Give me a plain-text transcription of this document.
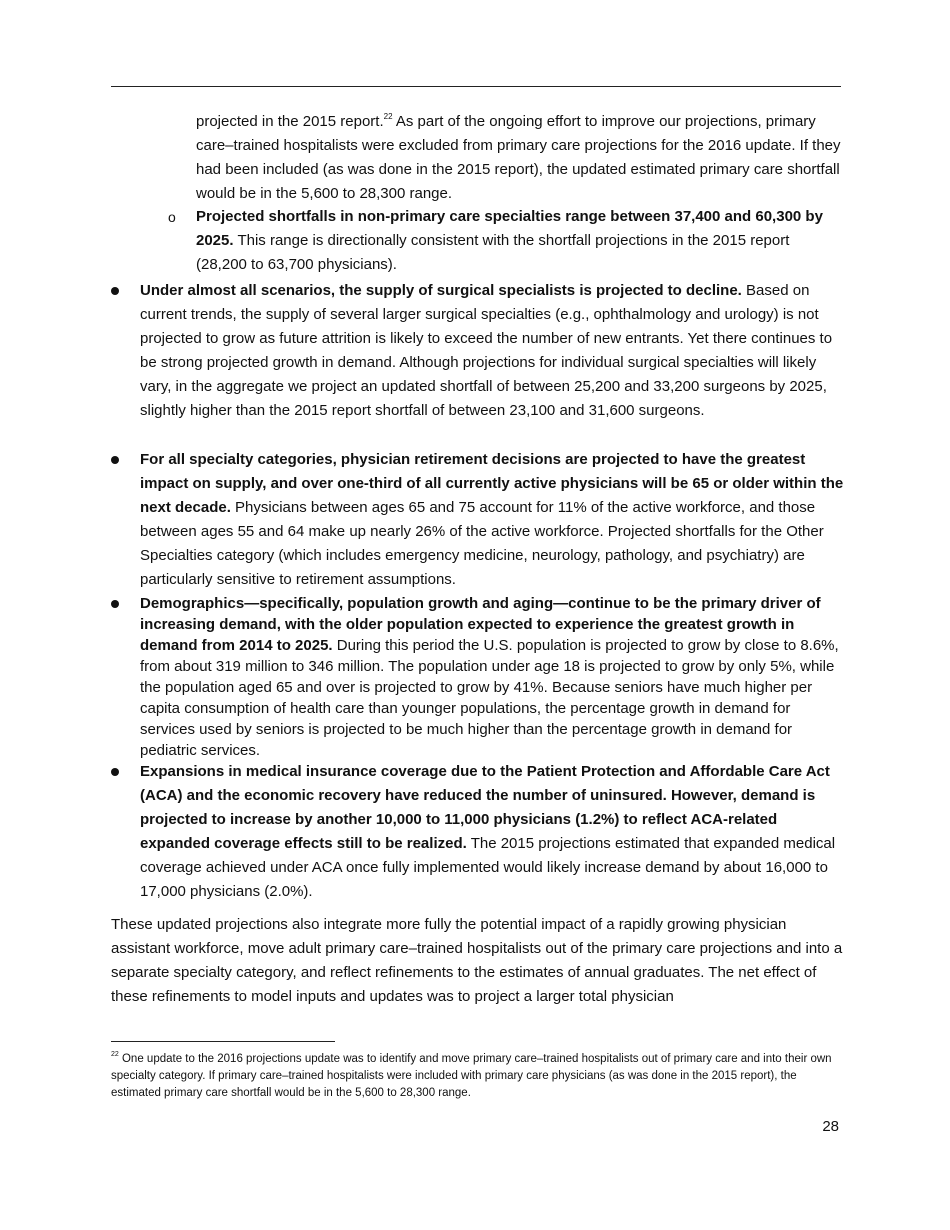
projected in the 2015 report.$^{22}$ As part of the ongoing effort to improve our projections, primary care–trained hospitalists were excluded from primary care projections for the 2016 update. If they had been included (as was done in the 2015 report), the updated estimated primary care shortfall would be in the 5,600 to 28,300 range.

o Projected shortfalls in non-primary care specialties range between 37,400 and 60,300 by 2025. This range is directionally consistent with the shortfall projections in the 2015 report (28,200 to 63,700 physicians).

Under almost all scenarios, the supply of surgical specialists is projected to decline. Based on current trends, the supply of several larger surgical specialties (e.g., ophthalmology and urology) is not projected to grow as future attrition is likely to exceed the number of new entrants. Yet there continues to be strong projected growth in demand. Although projections for individual surgical specialties will likely vary, in the aggregate we project an updated shortfall of between 25,200 and 33,200 surgeons by 2025, slightly higher than the 2015 report shortfall of between 23,100 and 31,600 surgeons.

For all specialty categories, physician retirement decisions are projected to have the greatest impact on supply, and over one-third of all currently active physicians will be 65 or older within the next decade. Physicians between ages 65 and 75 account for 11% of the active workforce, and those between ages 55 and 64 make up nearly 26% of the active workforce. Projected shortfalls for the Other Specialties category (which includes emergency medicine, neurology, pathology, and psychiatry) are particularly sensitive to retirement assumptions.

Demographics—specifically, population growth and aging—continue to be the primary driver of increasing demand, with the older population expected to experience the greatest growth in demand from 2014 to 2025. During this period the U.S. population is projected to grow by close to 8.6%, from about 319 million to 346 million. The population under age 18 is projected to grow by only 5%, while the population aged 65 and over is projected to grow by 41%. Because seniors have much higher per capita consumption of health care than younger populations, the percentage growth in demand for services used by seniors is projected to be much higher than the percentage growth in demand for pediatric services.

Expansions in medical insurance coverage due to the Patient Protection and Affordable Care Act (ACA) and the economic recovery have reduced the number of uninsured. However, demand is projected to increase by another 10,000 to 11,000 physicians (1.2%) to reflect ACA-related expanded coverage effects still to be realized. The 2015 projections estimated that expanded medical coverage achieved under ACA once fully implemented would likely increase demand by about 16,000 to 17,000 physicians (2.0%).

These updated projections also integrate more fully the potential impact of a rapidly growing physician assistant workforce, move adult primary care–trained hospitalists out of the primary care projections and into a separate specialty category, and reflect refinements to the estimates of annual graduates. The net effect of these refinements to model inputs and updates was to project a larger total physician

$^{22}$ One update to the 2016 projections update was to identify and move primary care–trained hospitalists out of primary care and into their own specialty category. If primary care–trained hospitalists were included with primary care physicians (as was done in the 2015 report), the estimated primary care shortfall would be in the 5,600 to 28,300 range.

28
